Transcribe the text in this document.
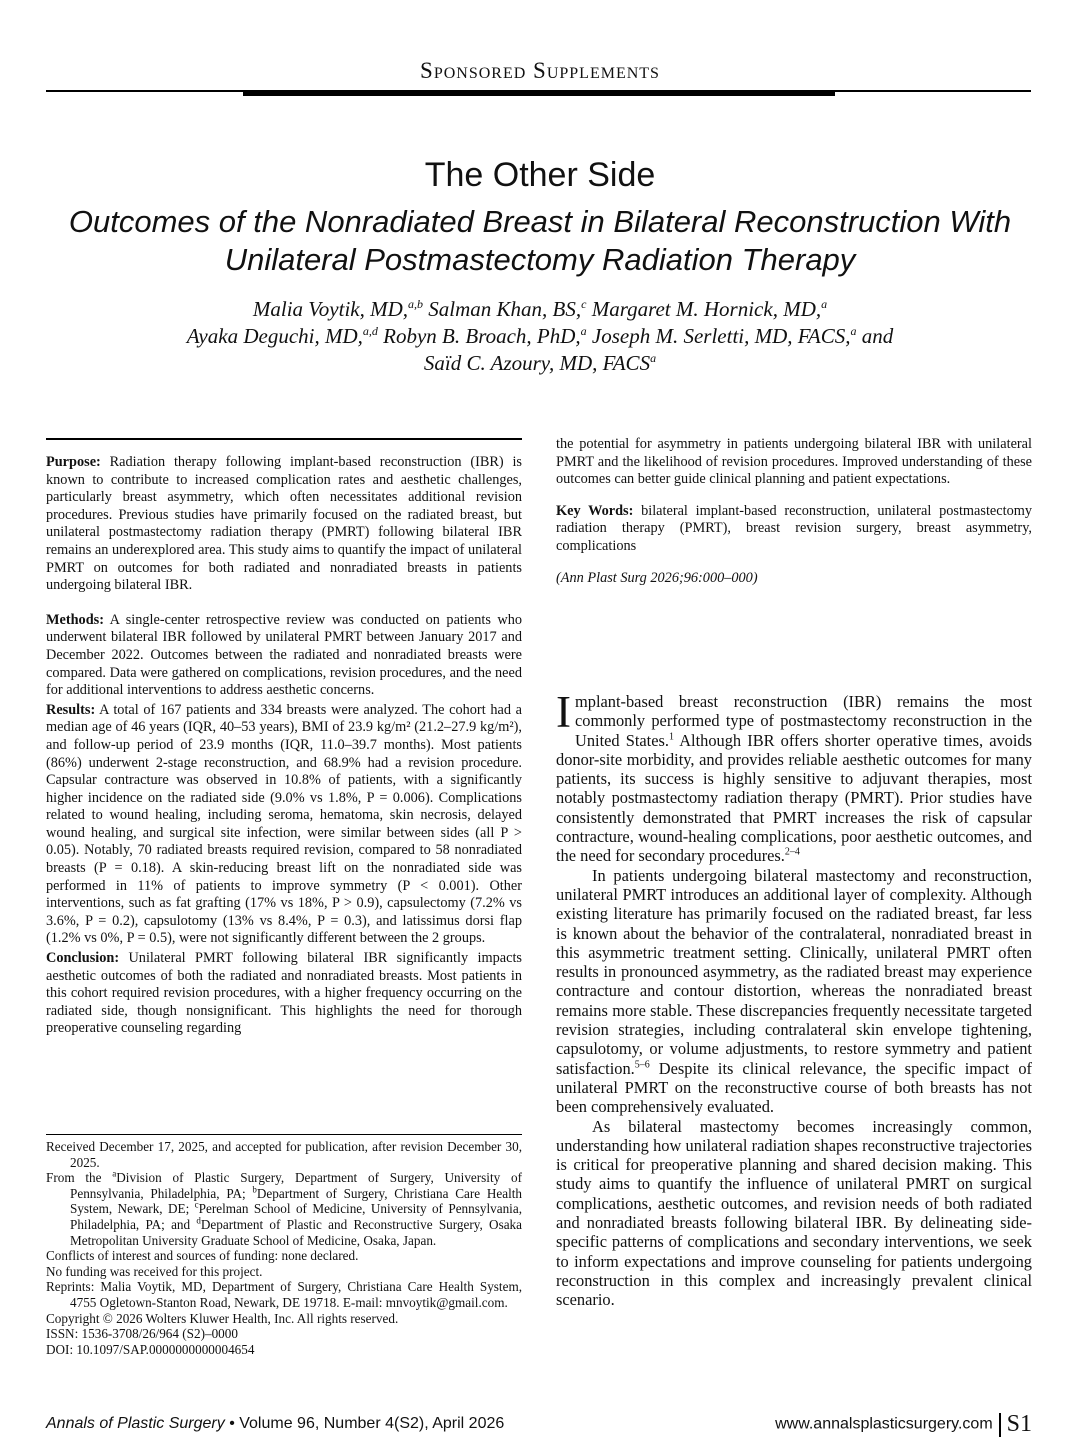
Sponsored Supplements
The Other Side
Outcomes of the Nonradiated Breast in Bilateral Reconstruction With Unilateral Postmastectomy Radiation Therapy
Malia Voytik, MD,$^{a,b}$ Salman Khan, BS,$^c$ Margaret M. Hornick, MD,$^a$
Ayaka Deguchi, MD,$^{a,d}$ Robyn B. Broach, PhD,$^a$ Joseph M. Serletti, MD, FACS,$^a$ and
Saïd C. Azoury, MD, FACS$^a$

Purpose: Radiation therapy following implant-based reconstruction (IBR) is known to contribute to increased complication rates and aesthetic challenges, particularly breast asymmetry, which often necessitates additional revision procedures. Previous studies have primarily focused on the radiated breast, but unilateral postmastectomy radiation therapy (PMRT) following bilateral IBR remains an underexplored area. This study aims to quantify the impact of unilateral PMRT on outcomes for both radiated and nonradiated breasts in patients undergoing bilateral IBR.

Methods: A single-center retrospective review was conducted on patients who underwent bilateral IBR followed by unilateral PMRT between January 2017 and December 2022. Outcomes between the radiated and nonradiated breasts were compared. Data were gathered on complications, revision procedures, and the need for additional interventions to address aesthetic concerns.

Results: A total of 167 patients and 334 breasts were analyzed. The cohort had a median age of 46 years (IQR, 40–53 years), BMI of 23.9 kg/m² (21.2–27.9 kg/m²), and follow-up period of 23.9 months (IQR, 11.0–39.7 months). Most patients (86%) underwent 2-stage reconstruction, and 68.9% had a revision procedure. Capsular contracture was observed in 10.8% of patients, with a significantly higher incidence on the radiated side (9.0% vs 1.8%, P = 0.006). Complications related to wound healing, including seroma, hematoma, skin necrosis, delayed wound healing, and surgical site infection, were similar between sides (all P > 0.05). Notably, 70 radiated breasts required revision, compared to 58 nonradiated breasts (P = 0.18). A skin-reducing breast lift on the nonradiated side was performed in 11% of patients to improve symmetry (P < 0.001). Other interventions, such as fat grafting (17% vs 18%, P > 0.9), capsulectomy (7.2% vs 3.6%, P = 0.2), capsulotomy (13% vs 8.4%, P = 0.3), and latissimus dorsi flap (1.2% vs 0%, P = 0.5), were not significantly different between the 2 groups.

Conclusion: Unilateral PMRT following bilateral IBR significantly impacts aesthetic outcomes of both the radiated and nonradiated breasts. Most patients in this cohort required revision procedures, with a higher frequency occurring on the radiated side, though nonsignificant. This highlights the need for thorough preoperative counseling regarding

Received December 17, 2025, and accepted for publication, after revision December 30, 2025.

From the $^a$Division of Plastic Surgery, Department of Surgery, University of Pennsylvania, Philadelphia, PA; $^b$Department of Surgery, Christiana Care Health System, Newark, DE; $^c$Perelman School of Medicine, University of Pennsylvania, Philadelphia, PA; and $^d$Department of Plastic and Reconstructive Surgery, Osaka Metropolitan University Graduate School of Medicine, Osaka, Japan.

Conflicts of interest and sources of funding: none declared.

No funding was received for this project.

Reprints: Malia Voytik, MD, Department of Surgery, Christiana Care Health System, 4755 Ogletown-Stanton Road, Newark, DE 19718. E-mail: mnvoytik@gmail.com.

Copyright © 2026 Wolters Kluwer Health, Inc. All rights reserved.

ISSN: 1536-3708/26/964 (S2)–0000

DOI: 10.1097/SAP.0000000000004654

the potential for asymmetry in patients undergoing bilateral IBR with unilateral PMRT and the likelihood of revision procedures. Improved understanding of these outcomes can better guide clinical planning and patient expectations.

Key Words: bilateral implant-based reconstruction, unilateral postmastectomy radiation therapy (PMRT), breast revision surgery, breast asymmetry, complications

(Ann Plast Surg 2026;96:000–000)

Implant-based breast reconstruction (IBR) remains the most commonly performed type of postmastectomy reconstruction in the United States.$^1$ Although IBR offers shorter operative times, avoids donor-site morbidity, and provides reliable aesthetic outcomes for many patients, its success is highly sensitive to adjuvant therapies, most notably postmastectomy radiation therapy (PMRT). Prior studies have consistently demonstrated that PMRT increases the risk of capsular contracture, wound-healing complications, poor aesthetic outcomes, and the need for secondary procedures.$^{2-4}$

In patients undergoing bilateral mastectomy and reconstruction, unilateral PMRT introduces an additional layer of complexity. Although existing literature has primarily focused on the radiated breast, far less is known about the behavior of the contralateral, nonradiated breast in this asymmetric treatment setting. Clinically, unilateral PMRT often results in pronounced asymmetry, as the radiated breast may experience contracture and contour distortion, whereas the nonradiated breast remains more stable. These discrepancies frequently necessitate targeted revision strategies, including contralateral skin envelope tightening, capsulotomy, or volume adjustments, to restore symmetry and patient satisfaction.$^{5-6}$ Despite its clinical relevance, the specific impact of unilateral PMRT on the reconstructive course of both breasts has not been comprehensively evaluated.

As bilateral mastectomy becomes increasingly common, understanding how unilateral radiation shapes reconstructive trajectories is critical for preoperative planning and shared decision making. This study aims to quantify the influence of unilateral PMRT on surgical complications, aesthetic outcomes, and revision needs of both radiated and nonradiated breasts following bilateral IBR. By delineating side-specific patterns of complications and secondary interventions, we seek to inform expectations and improve counseling for patients undergoing reconstruction in this complex and increasingly prevalent clinical scenario.

Annals of Plastic Surgery • Volume 96, Number 4(S2), April 2026	www.annalsplasticsurgery.com S1
